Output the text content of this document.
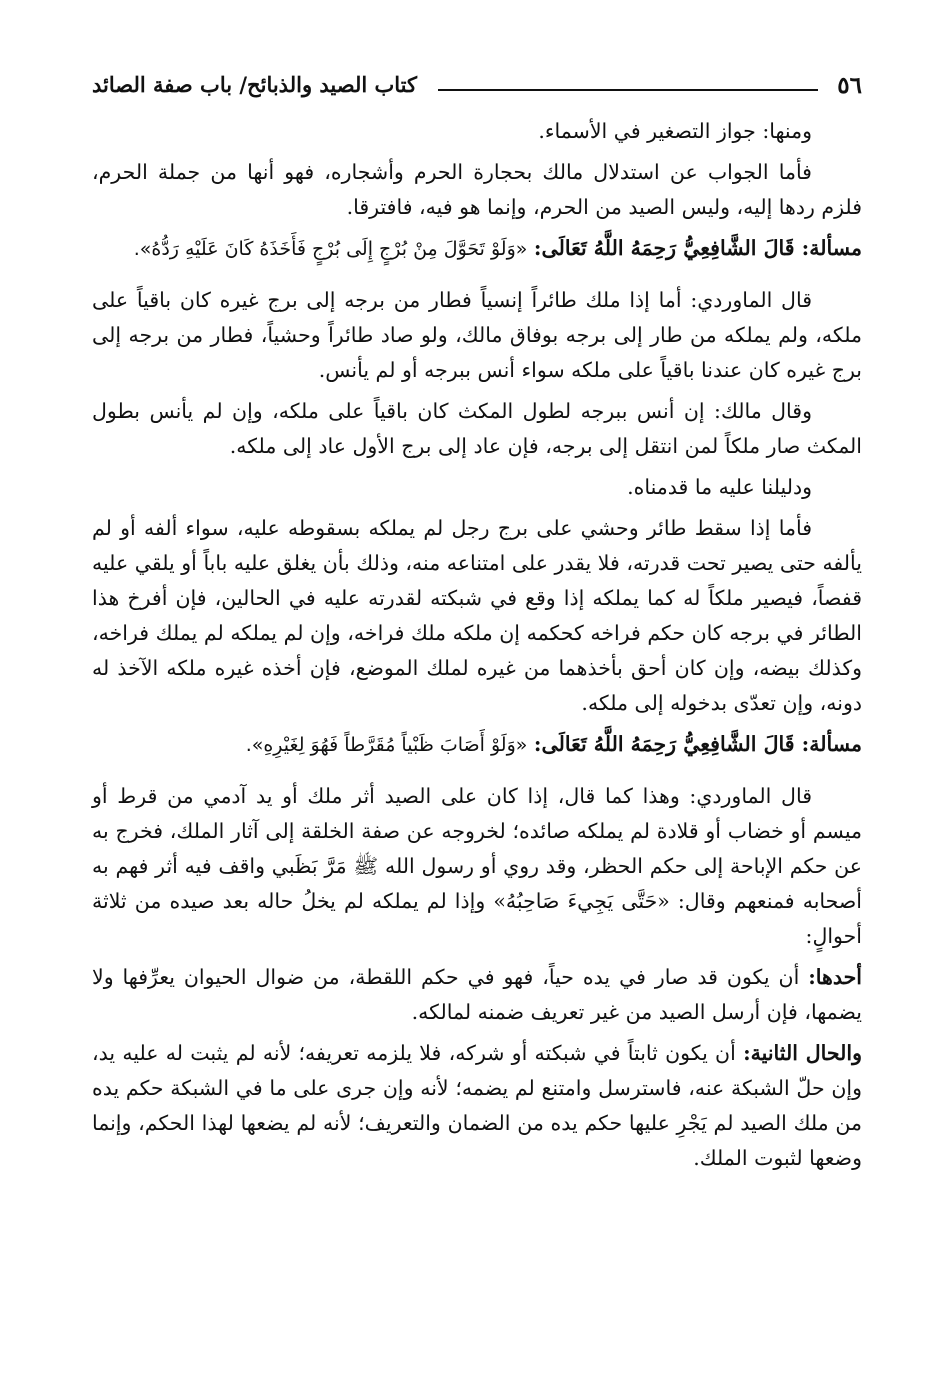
٥٦
كتاب الصيد والذبائح/ باب صفة الصائد

ومنها: جواز التصغير في الأسماء.

فأما الجواب عن استدلال مالك بحجارة الحرم وأشجاره، فهو أنها من جملة الحرم، فلزم ردها إليه، وليس الصيد من الحرم، وإنما هو فيه، فافترقا.

مسألة: قَالَ الشَّافِعِيُّ رَحِمَهُ اللَّهُ تَعَالَى: «وَلَوْ تَحَوَّلَ مِنْ بُرْجٍ إِلَى بُرْجٍ فَأَخَذَهُ كَانَ عَلَيْهِ رَدُّهُ».

قال الماوردي: أما إذا ملك طائراً إنسياً فطار من برجه إلى برج غيره كان باقياً على ملكه، ولم يملكه من طار إلى برجه بوفاق مالك، ولو صاد طائراً وحشياً، فطار من برجه إلى برج غيره كان عندنا باقياً على ملكه سواء أنس ببرجه أو لم يأنس.

وقال مالك: إن أنس ببرجه لطول المكث كان باقياً على ملكه، وإن لم يأنس بطول المكث صار ملكاً لمن انتقل إلى برجه، فإن عاد إلى برج الأول عاد إلى ملكه.

ودليلنا عليه ما قدمناه.

فأما إذا سقط طائر وحشي على برج رجل لم يملكه بسقوطه عليه، سواء ألفه أو لم يألفه حتى يصير تحت قدرته، فلا يقدر على امتناعه منه، وذلك بأن يغلق عليه باباً أو يلقي عليه قفصاً، فيصير ملكاً له كما يملكه إذا وقع في شبكته لقدرته عليه في الحالين، فإن أفرخ هذا الطائر في برجه كان حكم فراخه كحكمه إن ملكه ملك فراخه، وإن لم يملكه لم يملك فراخه، وكذلك بيضه، وإن كان أحق بأخذهما من غيره لملك الموضع، فإن أخذه غيره ملكه الآخذ له دونه، وإن تعدّى بدخوله إلى ملكه.

مسألة: قَالَ الشَّافِعِيُّ رَحِمَهُ اللَّهُ تَعَالَى: «وَلَوْ أَصَابَ ظَبْياً مُقَرَّطاً فَهُوَ لِغَيْرِهِ».

قال الماوردي: وهذا كما قال، إذا كان على الصيد أثر ملك أو يد آدمي من قرط أو ميسم أو خضاب أو قلادة لم يملكه صائده؛ لخروجه عن صفة الخلقة إلى آثار الملك، فخرج به عن حكم الإباحة إلى حكم الحظر، وقد روي أو رسول الله ﷺ مَرَّ بَظَبي واقف فيه أثر فهم به أصحابه فمنعهم وقال: «حَتَّى يَجِيءَ صَاحِبُهُ» وإذا لم يملكه لم يخلُ حاله بعد صيده من ثلاثة أحوالٍ:

أحدها: أن يكون قد صار في يده حياً، فهو في حكم اللقطة، من ضوال الحيوان يعرِّفها ولا يضمها، فإن أرسل الصيد من غير تعريف ضمنه لمالكه.

والحال الثانية: أن يكون ثابتاً في شبكته أو شركه، فلا يلزمه تعريفه؛ لأنه لم يثبت له عليه يد، وإن حلّ الشبكة عنه، فاسترسل وامتنع لم يضمه؛ لأنه وإن جرى على ما في الشبكة حكم يده من ملك الصيد لم يَجْرِ عليها حكم يده من الضمان والتعريف؛ لأنه لم يضعها لهذا الحكم، وإنما وضعها لثبوت الملك.
